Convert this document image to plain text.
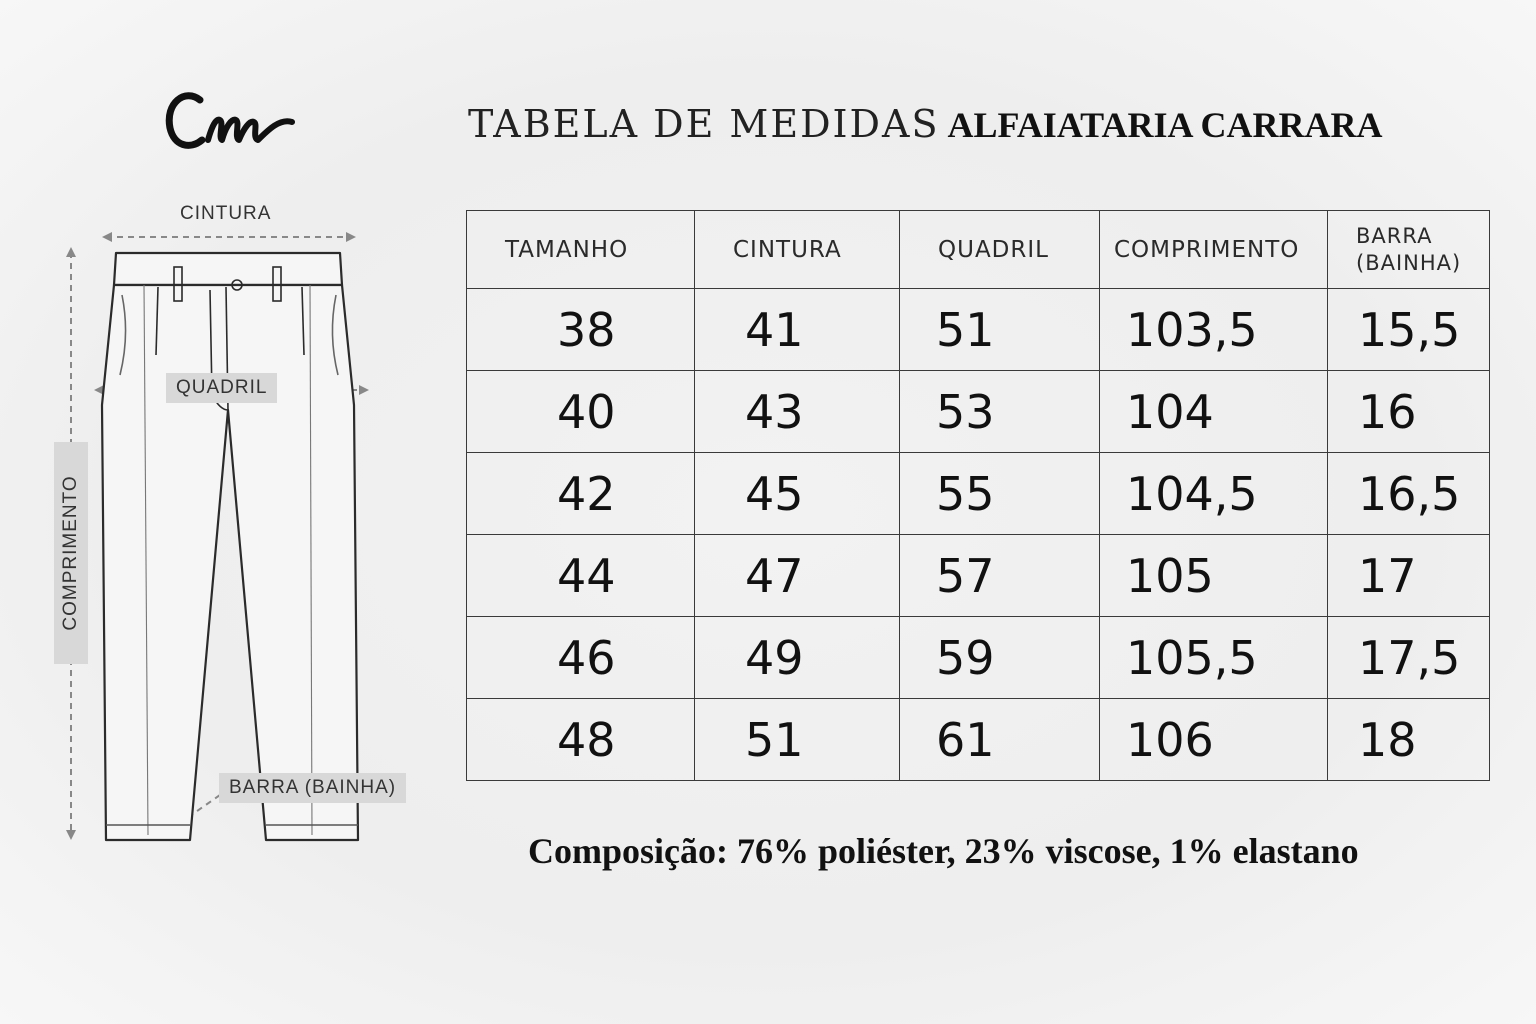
TABELA DE MEDIDAS ALFAIATARIA CARRARA
CINTURA
QUADRIL
COMPRIMENTO
BARRA (BAINHA)
TAMANHO	CINTURA	QUADRIL	COMPRIMENTO	BARRA
(BAINHA)
38	41	51	103,5	15,5
40	43	53	104	16
42	45	55	104,5	16,5
44	47	57	105	17
46	49	59	105,5	17,5
48	51	61	106	18
Composição: 76% poliéster, 23% viscose, 1% elastano
